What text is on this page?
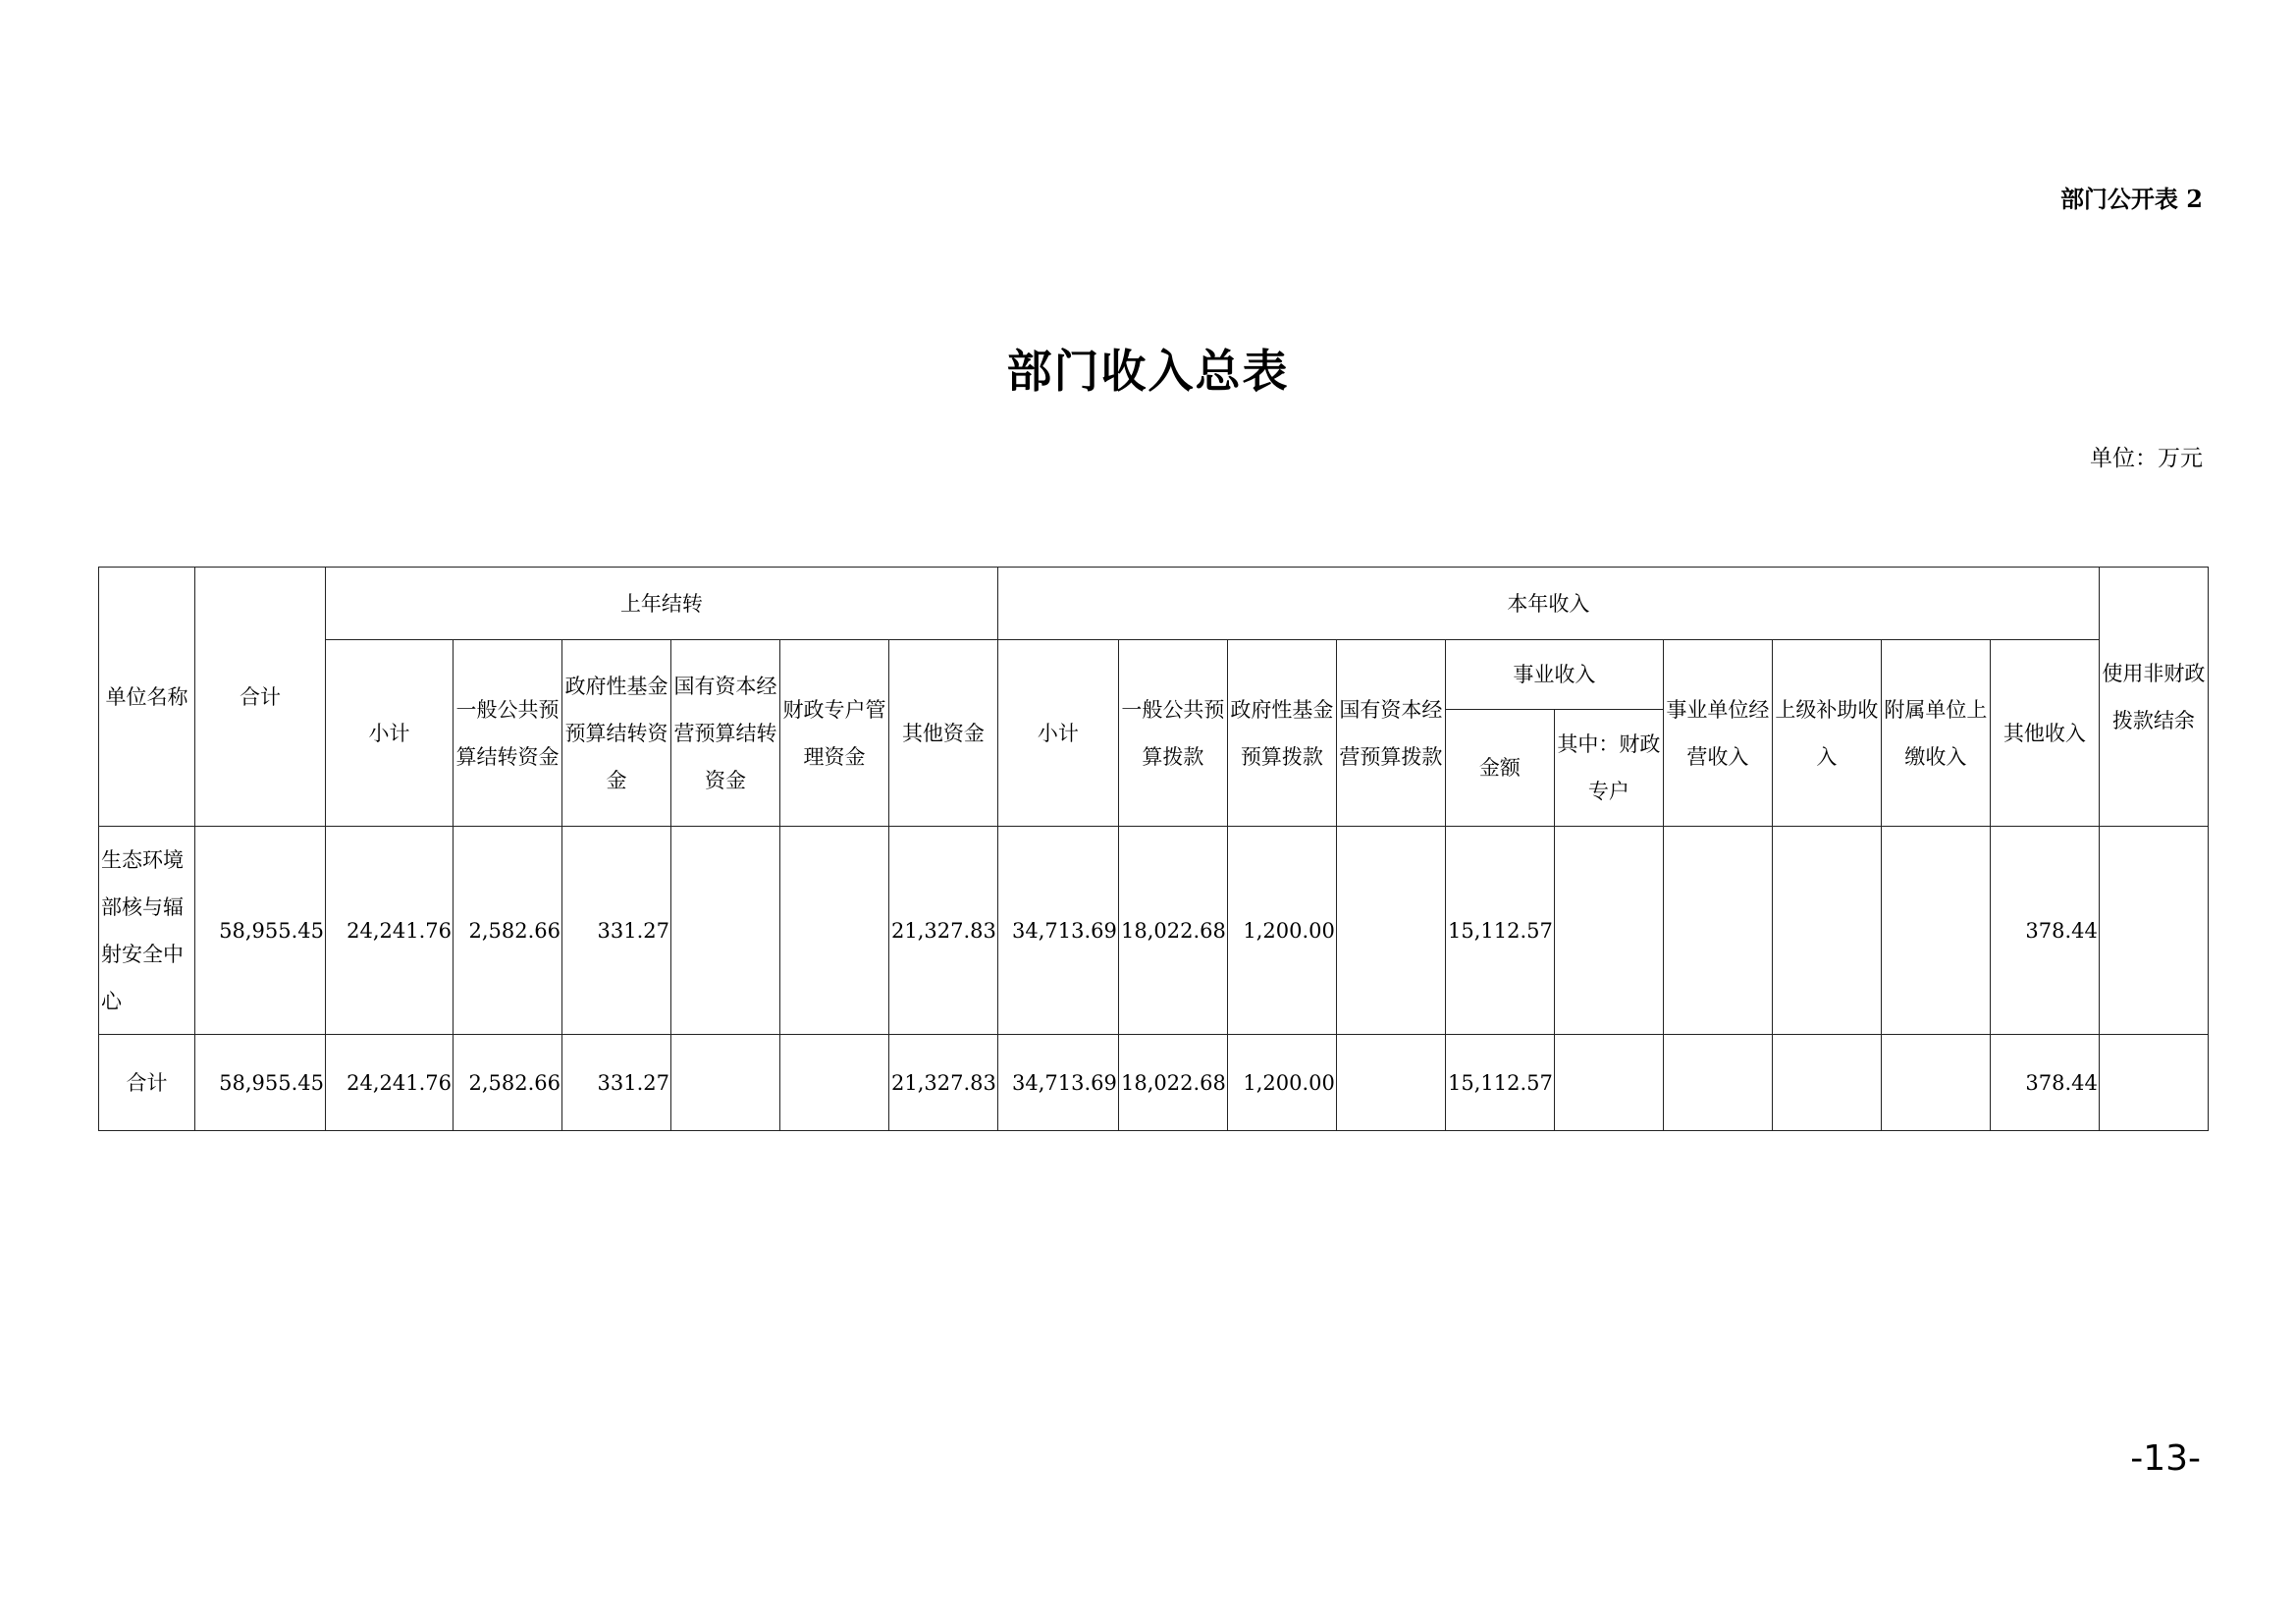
部门公开表 2
部门收入总表
单位：万元
单位名称	合计	上年结转						本年收入										使用非财政拨款结余
		小计	一般公共预算结转资金	政府性基金预算结转资金	国有资本经营预算结转资金	财政专户管理资金	其他资金	小计	一般公共预算拨款	政府性基金预算拨款	国有资本经营预算拨款	事业收入		事业单位经营收入	上级补助收入	附属单位上缴收入	其他收入	
												金额	其中：财政专户					
生态环境部核与辐射安全中心	58,955.45	24,241.76	2,582.66	331.27			21,327.83	34,713.69	18,022.68	1,200.00		15,112.57					378.44	
合计	58,955.45	24,241.76	2,582.66	331.27			21,327.83	34,713.69	18,022.68	1,200.00		15,112.57					378.44	
-13-
